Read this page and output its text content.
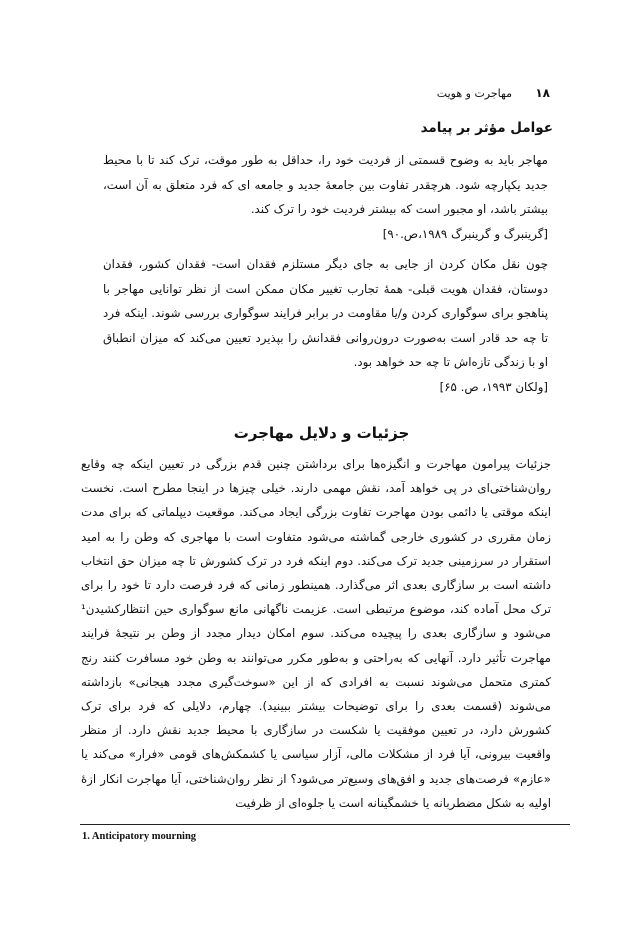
۱۸
مهاجرت و هویت
عوامل مؤثر بر پیامد
مهاجر باید به وضوح قسمتی از فردیت خود را، حداقل به طور موقت، ترک کند تا با محیط جدید یکپارچه شود. هرچقدر تفاوت بین جامعهٔ جدید و جامعه ای که فرد متعلق به آن است، بیشتر باشد، او مجبور است که بیشتر فردیت خود را ترک کند.
[گرینبرگ و گرینبرگ ۱۹۸۹،ص.۹۰]
چون نقل مکان کردن از جایی به جای دیگر مستلزم فقدان است- فقدان کشور، فقدان دوستان، فقدان هویت قبلی- همهٔ تجارب تغییر مکان ممکن است از نظر توانایی مهاجر با پناهجو برای سوگواری کردن و/یا مقاومت در برابر فرایند سوگواری بررسی شوند. اینکه فرد تا چه حد قادر است به‌صورت درون‌روانی فقدانش را بپذیرد تعیین می‌کند که میزان انطباق او با زندگی تازه‌اش تا چه حد خواهد بود.
[ولکان ۱۹۹۳، ص. ۶۵]
جزئیات و دلایل مهاجرت
جزئیات پیرامون مهاجرت و انگیزه‌ها برای برداشتن چنین قدم بزرگی در تعیین اینکه چه وقایع روان‌شناختی‌ای در پی خواهد آمد، نقش مهمی دارند. خیلی چیزها در اینجا مطرح است. نخست اینکه موقتی یا دائمی بودن مهاجرت تفاوت بزرگی ایجاد می‌کند. موقعیت دیپلماتی که برای مدت زمان مقرری در کشوری خارجی گماشته می‌شود متفاوت است با مهاجری که وطن را به امید استقرار در سرزمینی جدید ترک می‌کند. دوم اینکه فرد در ترک کشورش تا چه میزان حق انتخاب داشته است بر سازگاری بعدی اثر می‌گذارد. همینطور زمانی که فرد فرصت دارد تا خود را برای ترک محل آماده کند، موضوع مرتبطی است. عزیمت ناگهانی مانع سوگواری حین انتظارکشیدن¹ می‌شود و سازگاری بعدی را پیچیده می‌کند. سوم امکان دیدار مجدد از وطن بر نتیجهٔ فرایند مهاجرت تأثیر دارد. آنهایی که به‌راحتی و به‌طور مکرر می‌توانند به وطن خود مسافرت کنند رنج کمتری متحمل می‌شوند نسبت به افرادی که از این «سوخت‌گیری مجدد هیجانی» بازداشته می‌شوند (قسمت بعدی را برای توضیحات بیشتر ببینید). چهارم، دلایلی که فرد برای ترک کشورش دارد، در تعیین موفقیت یا شکست در سازگاری با محیط جدید نقش دارد. از منظر واقعیت بیرونی، آیا فرد از مشکلات مالی، آزار سیاسی یا کشمکش‌های قومی «فرار» می‌کند یا «عازم» فرصت‌های جدید و افق‌های وسیع‌تر می‌شود؟ از نظر روان‌شناختی، آیا مهاجرت انکار ازهٔ اولیه به شکل مضطربانه یا خشمگینانه است یا جلوه‌ای از ظرفیت
1. Anticipatory mourning
